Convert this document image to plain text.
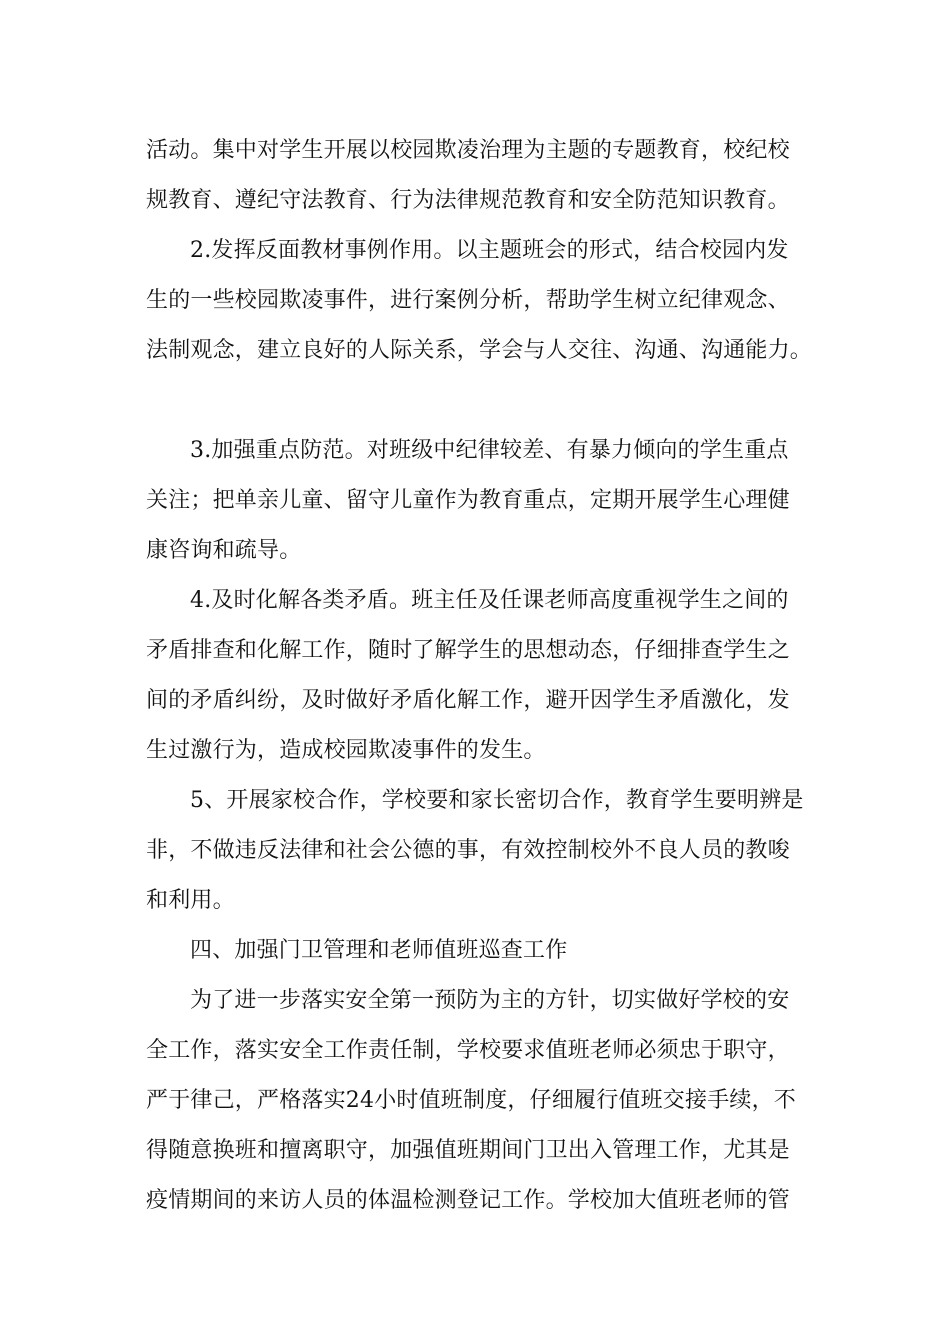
活动。集中对学生开展以校园欺凌治理为主题的专题教育，校纪校
规教育、遵纪守法教育、行为法律规范教育和安全防范知识教育。
2.发挥反面教材事例作用。以主题班会的形式，结合校园内发
生的一些校园欺凌事件，进行案例分析，帮助学生树立纪律观念、
法制观念，建立良好的人际关系，学会与人交往、沟通、沟通能力。
3.加强重点防范。对班级中纪律较差、有暴力倾向的学生重点
关注；把单亲儿童、留守儿童作为教育重点，定期开展学生心理健
康咨询和疏导。
4.及时化解各类矛盾。班主任及任课老师高度重视学生之间的
矛盾排查和化解工作，随时了解学生的思想动态，仔细排查学生之
间的矛盾纠纷，及时做好矛盾化解工作，避开因学生矛盾激化，发
生过激行为，造成校园欺凌事件的发生。
5、开展家校合作，学校要和家长密切合作，教育学生要明辨是
非，不做违反法律和社会公德的事，有效控制校外不良人员的教唆
和利用。
四、加强门卫管理和老师值班巡查工作
为了进一步落实安全第一预防为主的方针，切实做好学校的安
全工作，落实安全工作责任制，学校要求值班老师必须忠于职守，
严于律己，严格落实24小时值班制度，仔细履行值班交接手续，不
得随意换班和擅离职守，加强值班期间门卫出入管理工作，尤其是
疫情期间的来访人员的体温检测登记工作。学校加大值班老师的管
